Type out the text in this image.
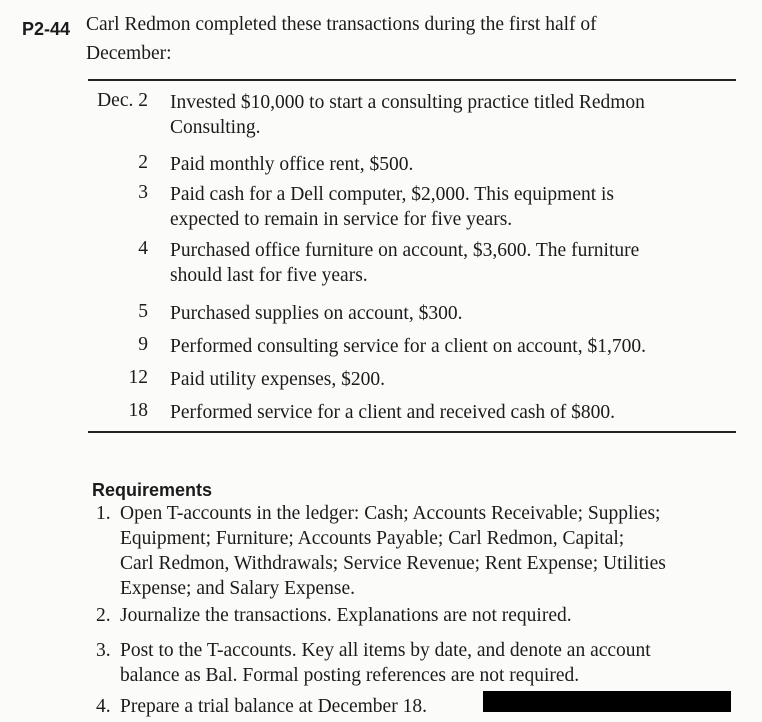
P2-44 Carl Redmon completed these transactions during the first half of
December:
Dec. 2 Invested $10,000 to start a consulting practice titled Redmon
Consulting.
2 Paid monthly office rent, $500.
3 Paid cash for a Dell computer, $2,000. This equipment is
expected to remain in service for five years.
4 Purchased office furniture on account, $3,600. The furniture
should last for five years.
5 Purchased supplies on account, $300.
9 Performed consulting service for a client on account, $1,700.
12 Paid utility expenses, $200.
18 Performed service for a client and received cash of $800.
Requirements
1. Open T-accounts in the ledger: Cash; Accounts Receivable; Supplies;
Equipment; Furniture; Accounts Payable; Carl Redmon, Capital;
Carl Redmon, Withdrawals; Service Revenue; Rent Expense; Utilities
Expense; and Salary Expense.
2. Journalize the transactions. Explanations are not required.
3. Post to the T-accounts. Key all items by date, and denote an account
balance as Bal. Formal posting references are not required.
4. Prepare a trial balance at December 18.
